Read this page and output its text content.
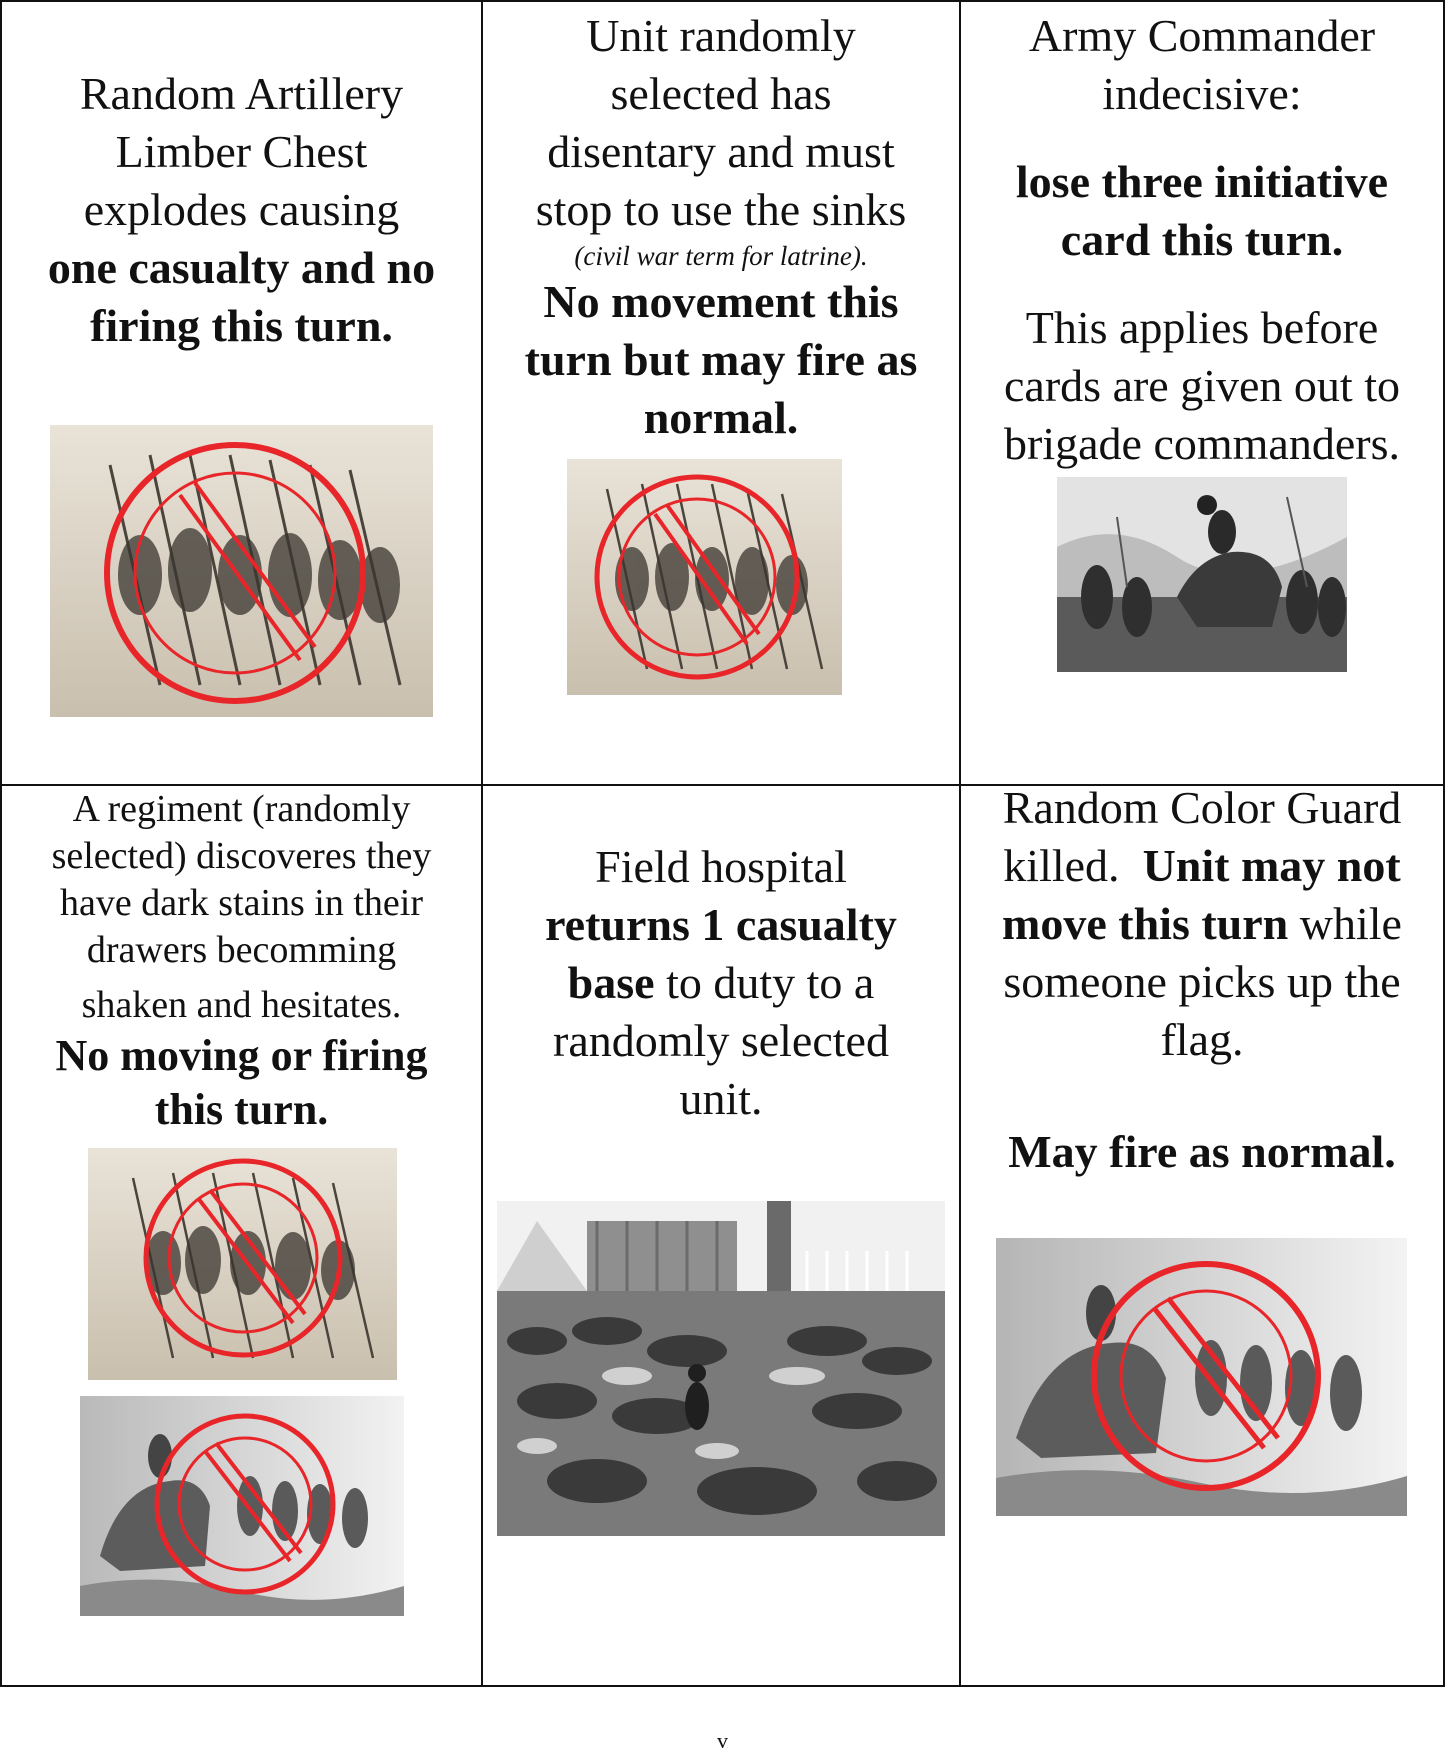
Random Artillery
Limber Chest
explodes causing
one casualty and no
firing this turn.
Unit randomly
selected has
disentary and must
stop to use the sinks
(civil war term for latrine).
No movement this
turn but may fire as
normal.
Army Commander
indecisive:
lose three initiative
card this turn.
This applies before
cards are given out to
brigade commanders.
A regiment (randomly
selected) discoveres they
have dark stains in their
drawers becomming
shaken and hesitates.
No moving or firing
this turn.
Field hospital
returns 1 casualty
base to duty to a
randomly selected
unit.
Random Color Guard
killed.  Unit may not
move this turn while
someone picks up the
flag.
May fire as normal.
v
